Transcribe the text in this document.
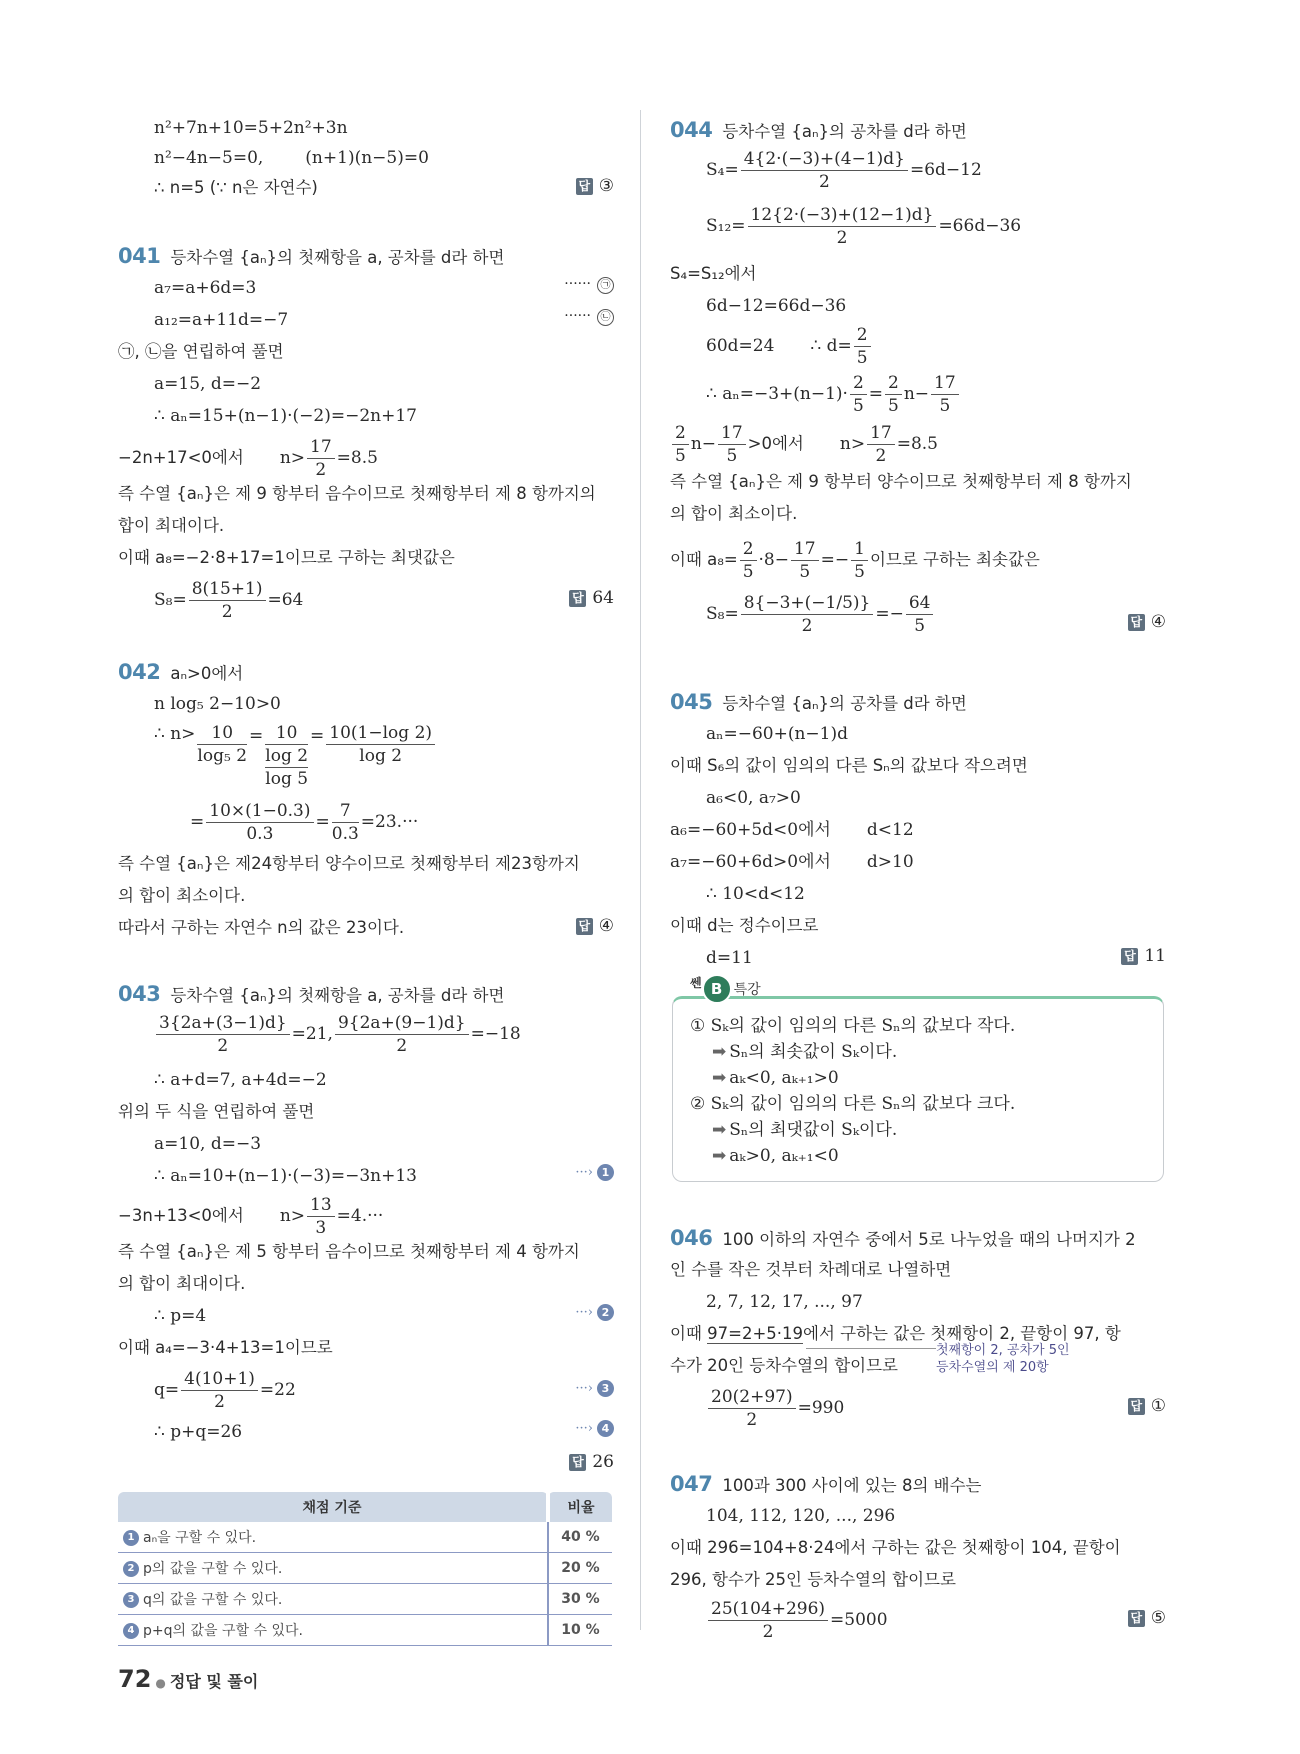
n²+7n+10=5+2n²+3n
n²−4n−5=0, (n+1)(n−5)=0
∴ n=5 (∵ n은 자연수)	답 ③
041 등차수열 {aₙ}의 첫째항을 a, 공차를 d라 하면
a₇=a+6d=3	······ ㉠
a₁₂=a+11d=−7	······ ㉡
㉠, ㉡을 연립하여 풀면
a=15, d=−2
∴ aₙ=15+(n−1)·(−2)=−2n+17
−2n+17<0에서 $n> \frac{17}{2} =8.5$
즉 수열 {aₙ}은 제 9 항부터 음수이므로 첫째항부터 제 8 항까지의
합이 최대이다.
이때 a₈=−2·8+17=1이므로 구하는 최댓값은
$S_8= \frac{8(15+1)}{2} =64$	답 64
042 aₙ>0에서
n log₅ 2−10>0
∴ $n> \frac{10}{\text{log₅ 2}} = 10$
log 2
log 5
= $\frac{10(1-\log 2)}{\log 2}$
= $\frac{10\times(1-0.3)}{0.3} = \frac{7}{0.3} =23.\cdot\cdot\cdot$
즉 수열 {aₙ}은 제24항부터 양수이므로 첫째항부터 제23항까지
의 합이 최소이다.
따라서 구하는 자연수 n의 값은 23이다.	답 ④
043 등차수열 {aₙ}의 첫째항을 a, 공차를 d라 하면
$\frac{3\{2a+(3-1)d\}}{2} =21$, $\frac{9\{2a+(9-1)d\}}{2} =-18$
∴ a+d=7, a+4d=−2
위의 두 식을 연립하여 풀면
a=10, d=−3
∴ aₙ=10+(n−1)·(−3)=−3n+13	···› 1
−3n+13<0에서 $n> \frac{13}{3} =4.\cdot\cdot\cdot$
즉 수열 {aₙ}은 제 5 항부터 음수이므로 첫째항부터 제 4 항까지
의 합이 최대이다.
∴ p=4	···› 2
이때 a₄=−3·4+13=1이므로
$q= \frac{4(10+1)}{2} =22$	···› 3
∴ p+q=26	···› 4
답 26
채점 기준	비율
1 aₙ을 구할 수 있다.	40 %
2 p의 값을 구할 수 있다.	20 %
3 q의 값을 구할 수 있다.	30 %
4 p+q의 값을 구할 수 있다.	10 %
72 ● 정답 및 풀이
044 등차수열 {aₙ}의 공차를 d라 하면
$S_4= \frac{4\{2\cdot(-3)+(4-1)d\}}{2} =6d-12$
$S_{12}= \frac{12\{2\cdot(-3)+(12-1)d\}}{2} =66d-36$
S₄=S₁₂에서
6d−12=66d−36
60d=24 ∴ $d= \frac{2}{5}$
∴ $a_n=-3+(n-1)\cdot \frac{2}{5} = \frac{2}{5} n- \frac{17}{5}$
$\frac{2}{5} n- \frac{17}{5} >0$에서 $n> \frac{17}{2} =8.5$
즉 수열 {aₙ}은 제 9 항부터 양수이므로 첫째항부터 제 8 항까지
의 합이 최소이다.
이때 $a_8= \frac{2}{5} \cdot 8- \frac{17}{5} =- \frac{1}{5}$ 이므로 구하는 최솟값은
$S_8= \frac{8\{-3+(-1/5)\}}{2} =- \frac{64}{5}$	답 ④
045 등차수열 {aₙ}의 공차를 d라 하면
aₙ=−60+(n−1)d
이때 S₆의 값이 임의의 다른 Sₙ의 값보다 작으려면
a₆<0, a₇>0
a₆=−60+5d<0에서 d<12
a₇=−60+6d>0에서 d>10
∴ 10<d<12
이때 d는 정수이므로
d=11	답 11
$^쎈$ B 특강
① Sₖ의 값이 임의의 다른 Sₙ의 값보다 작다.
➡ Sₙ의 최솟값이 Sₖ이다.
➡ aₖ<0, aₖ₊₁>0
② Sₖ의 값이 임의의 다른 Sₙ의 값보다 크다.
➡ Sₙ의 최댓값이 Sₖ이다.
➡ aₖ>0, aₖ₊₁<0
046 100 이하의 자연수 중에서 5로 나누었을 때의 나머지가 2
인 수를 작은 것부터 차례대로 나열하면
2, 7, 12, 17, ..., 97
이때 97=2+5·19에서 구하는 값은 첫째항이 2, 끝항이 97, 항
첫째항이 2, 공차가 5인
등차수열의 제 20항
수가 20인 등차수열의 합이므로
$\frac{20(2+97)}{2} =990$	답 ①
047 100과 300 사이에 있는 8의 배수는
104, 112, 120, ..., 296
이때 296=104+8·24에서 구하는 값은 첫째항이 104, 끝항이
296, 항수가 25인 등차수열의 합이므로
$\frac{25(104+296)}{2} =5000$	답 ⑤
